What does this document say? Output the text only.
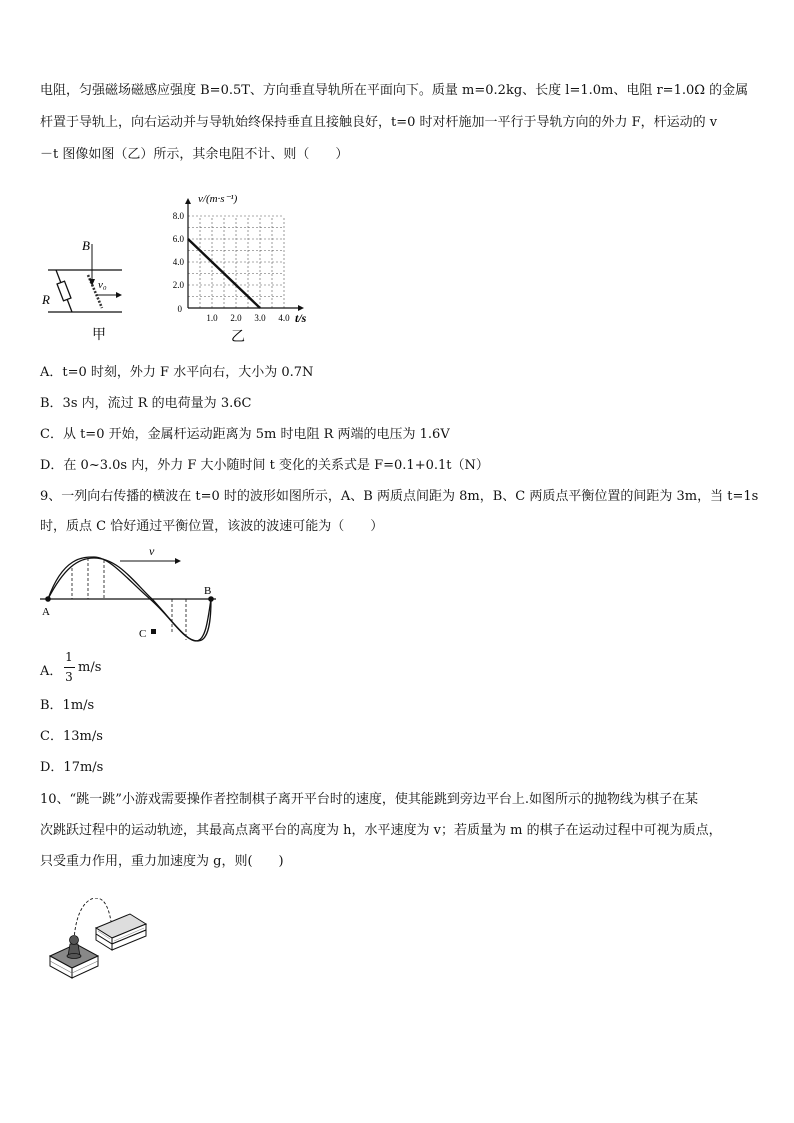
电阻，匀强磁场磁感应强度 B=0.5T、方向垂直导轨所在平面向下。质量 m=0.2kg、长度 l=1.0m、电阻 r=1.0Ω 的金属
杆置于导轨上，向右运动并与导轨始终保持垂直且接触良好，t=0 时对杆施加一平行于导轨方向的外力 F，杆运动的 v
－t 图像如图（乙）所示，其余电阻不计、则（　　）
B
v₀
R
甲
1.0 2.0 3.0 4.0
2.0
4.0
6.0
8.0
0
v/(m·s⁻¹)
t/s
乙
A．t=0 时刻，外力 F 水平向右，大小为 0.7N
B．3s 内，流过 R 的电荷量为 3.6C
C．从 t=0 开始，金属杆运动距离为 5m 时电阻 R 两端的电压为 1.6V
D．在 0~3.0s 内，外力 F 大小随时间 t 变化的关系式是 F=0.1+0.1t（N）
9、一列向右传播的横波在 t=0 时的波形如图所示，A、B 两质点间距为 8m，B、C 两质点平衡位置的间距为 3m，当 t=1s
时，质点 C 恰好通过平衡位置，该波的波速可能为（　　）
v
A
B
C
A．
1
3
m/s
B．1m/s
C．13m/s
D．17m/s
10、“跳一跳”小游戏需要操作者控制棋子离开平台时的速度，使其能跳到旁边平台上.如图所示的抛物线为棋子在某
次跳跃过程中的运动轨迹，其最高点离平台的高度为 h，水平速度为 v；若质量为 m 的棋子在运动过程中可视为质点，
只受重力作用，重力加速度为 g，则(　　)
